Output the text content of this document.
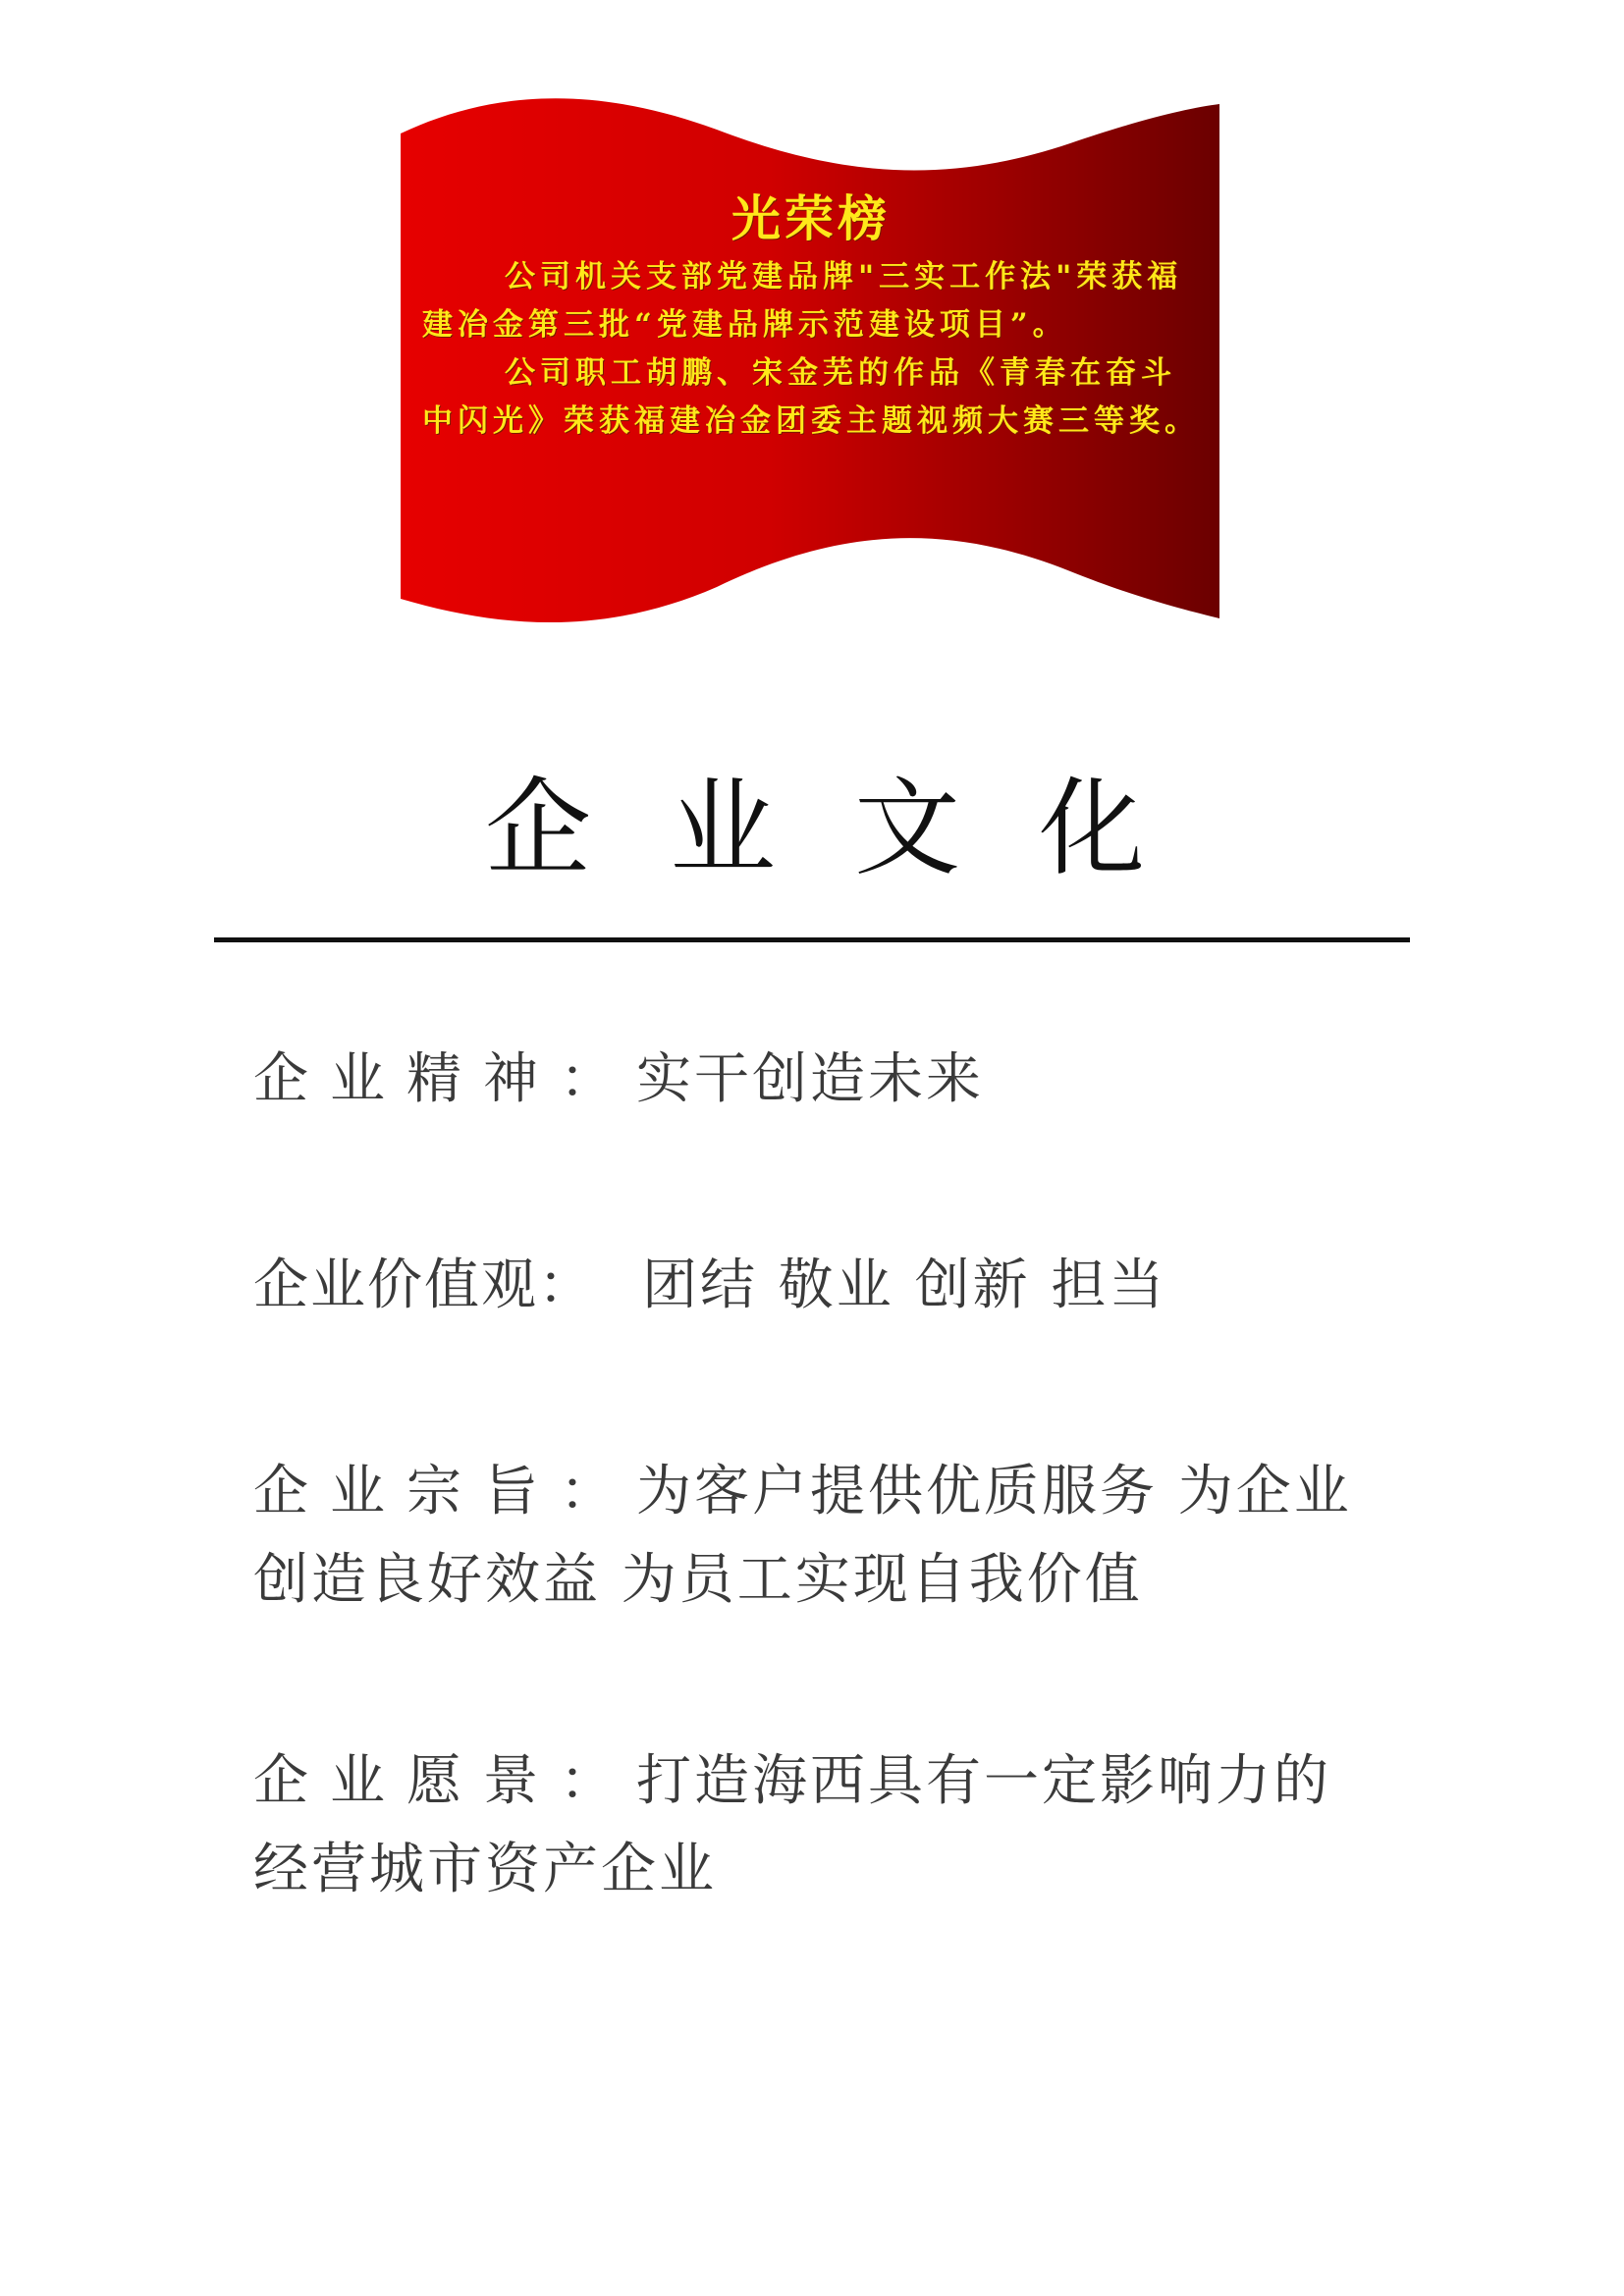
光荣榜

公司机关支部党建品牌"三实工作法"荣获福建冶金第三批“党建品牌示范建设项目”。

公司职工胡鹏、宋金芜的作品《青春在奋斗中闪光》荣获福建冶金团委主题视频大赛三等奖。

企业文化
企业精神：实干创造未来
企业价值观： 团结 敬业 创新 担当
企业宗旨：为客户提供优质服务 为企业创造良好效益 为员工实现自我价值
企业愿景：打造海西具有一定影响力的经营城市资产企业
